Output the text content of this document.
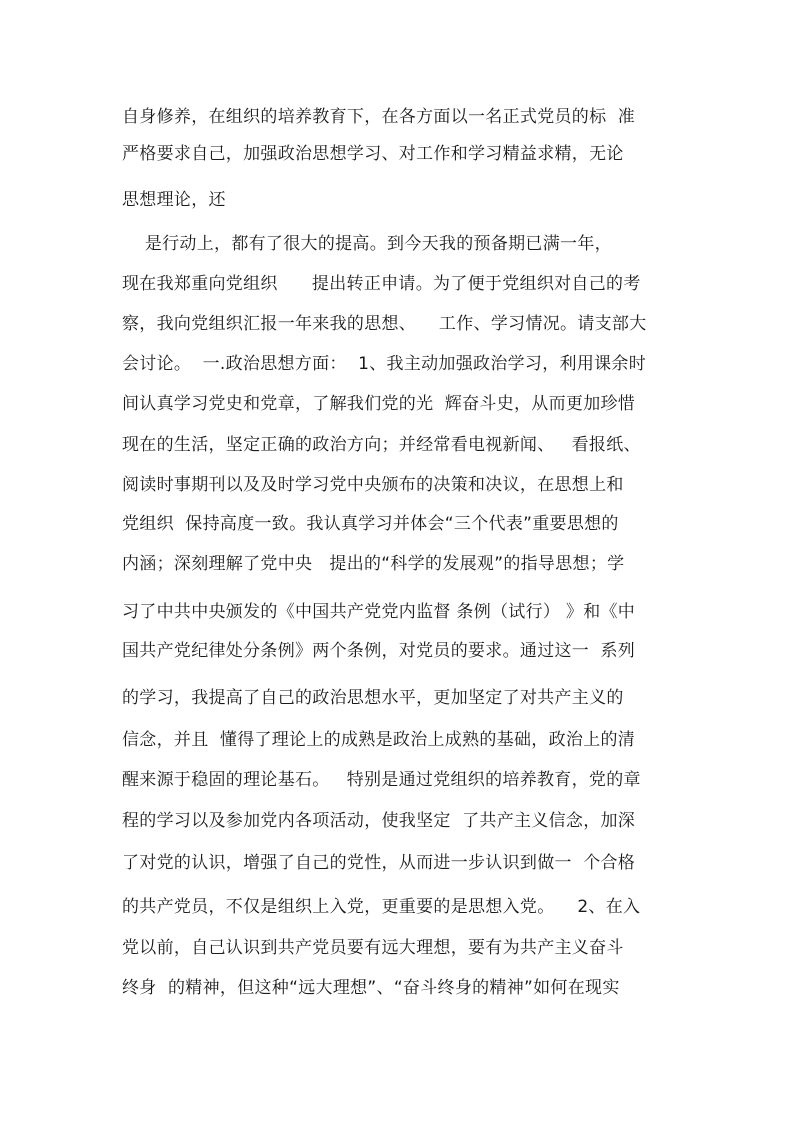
自身修养，在组织的培养教育下，在各方面以一名正式党员的标  准
严格要求自己，加强政治思想学习、对工作和学习精益求精，无论
思想理论，还
是行动上，都有了很大的提高。到今天我的预备期已满一年，
现在我郑重向党组织      提出转正申请。为了便于党组织对自己的考
察，我向党组织汇报一年来我的思想、    工作、学习情况。请支部大
会讨论。  一.政治思想方面：  1、我主动加强政治学习，利用课余时
间认真学习党史和党章，了解我们党的光  辉奋斗史，从而更加珍惜
现在的生活，坚定正确的政治方向；并经常看电视新闻、   看报纸、
阅读时事期刊以及及时学习党中央颁布的决策和决议，在思想上和
党组织  保持高度一致。我认真学习并体会“三个代表”重要思想的
内涵；深刻理解了党中央   提出的“科学的发展观”的指导思想；学
习了中共中央颁发的《中国共产党党内监督 条例（试行） 》和《中
国共产党纪律处分条例》两个条例，对党员的要求。通过这一  系列
的学习，我提高了自己的政治思想水平，更加坚定了对共产主义的
信念，并且  懂得了理论上的成熟是政治上成熟的基础，政治上的清
醒来源于稳固的理论基石。   特别是通过党组织的培养教育，党的章
程的学习以及参加党内各项活动，使我坚定  了共产主义信念，加深
了对党的认识，增强了自己的党性，从而进一步认识到做一  个合格
的共产党员，不仅是组织上入党，更重要的是思想入党。    2、在入
党以前，自己认识到共产党员要有远大理想，要有为共产主义奋斗
终身  的精神，但这种“远大理想”、“奋斗终身的精神”如何在现实
